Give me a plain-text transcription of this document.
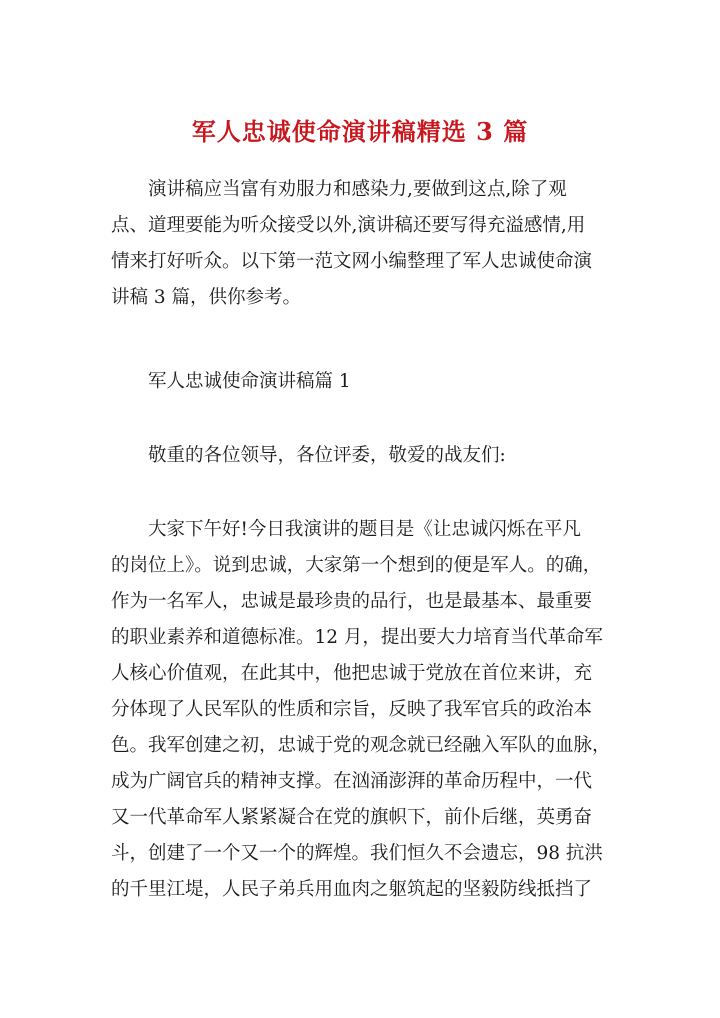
军人忠诚使命演讲稿精选 3 篇
演讲稿应当富有劝服力和感染力,要做到这点,除了观
点、道理要能为听众接受以外,演讲稿还要写得充溢感情,用
情来打好听众。以下第一范文网小编整理了军人忠诚使命演
讲稿 3 篇，供你参考。
军人忠诚使命演讲稿篇 1
敬重的各位领导，各位评委，敬爱的战友们:
大家下午好!今日我演讲的题目是《让忠诚闪烁在平凡
的岗位上》。说到忠诚，大家第一个想到的便是军人。的确，
作为一名军人，忠诚是最珍贵的品行，也是最基本、最重要
的职业素养和道德标准。12 月，提出要大力培育当代革命军
人核心价值观，在此其中，他把忠诚于党放在首位来讲，充
分体现了人民军队的性质和宗旨，反映了我军官兵的政治本
色。我军创建之初，忠诚于党的观念就已经融入军队的血脉，
成为广阔官兵的精神支撑。在汹涌澎湃的革命历程中，一代
又一代革命军人紧紧凝合在党的旗帜下，前仆后继，英勇奋
斗，创建了一个又一个的辉煌。我们恒久不会遗忘，98 抗洪
的千里江堤，人民子弟兵用血肉之躯筑起的坚毅防线抵挡了
